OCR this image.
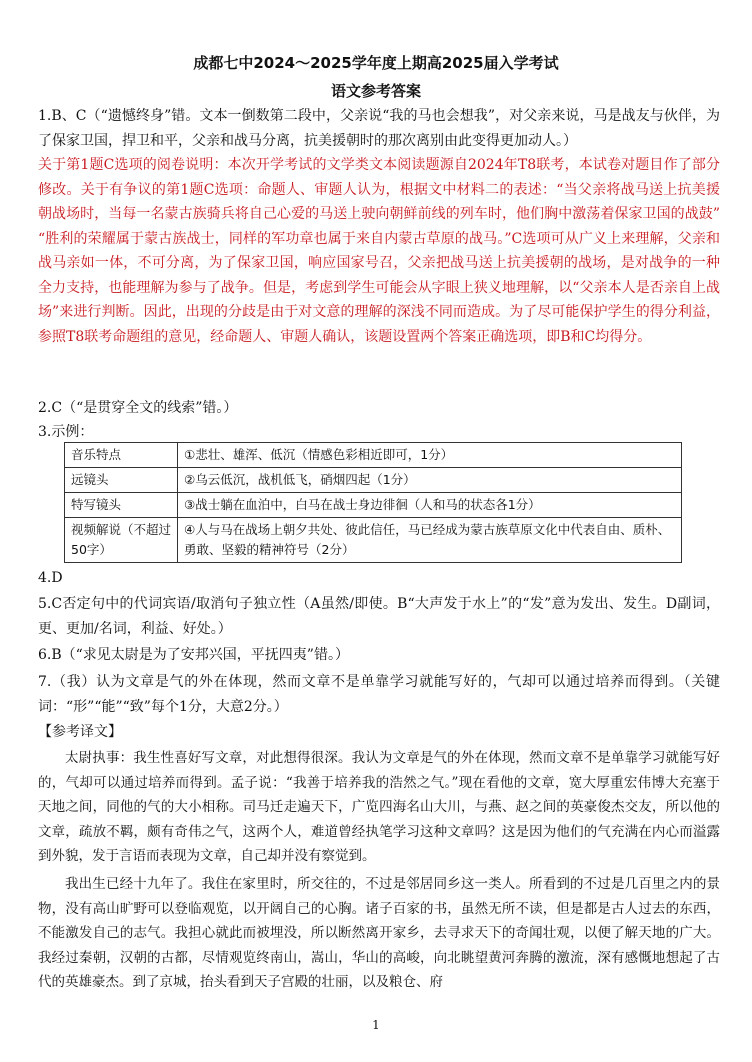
成都七中2024～2025学年度上期高2025届入学考试
语文参考答案
1.B、C（“遗憾终身”错。文本一倒数第二段中，父亲说“我的马也会想我”，对父亲来说，马是战友与伙伴，为了保家卫国，捍卫和平，父亲和战马分离，抗美援朝时的那次离别由此变得更加动人。）
关于第1题C选项的阅卷说明：本次开学考试的文学类文本阅读题源自2024年T8联考，本试卷对题目作了部分修改。关于有争议的第1题C选项：命题人、审题人认为，根据文中材料二的表述：“当父亲将战马送上抗美援朝战场时，当每一名蒙古族骑兵将自己心爱的马送上驶向朝鲜前线的列车时，他们胸中激荡着保家卫国的战鼓” “胜利的荣耀属于蒙古族战士，同样的军功章也属于来自内蒙古草原的战马。”C选项可从广义上来理解，父亲和战马亲如一体，不可分离，为了保家卫国，响应国家号召，父亲把战马送上抗美援朝的战场，是对战争的一种全力支持，也能理解为参与了战争。但是，考虑到学生可能会从字眼上狭义地理解，以“父亲本人是否亲自上战场”来进行判断。因此，出现的分歧是由于对文意的理解的深浅不同而造成。为了尽可能保护学生的得分利益，参照T8联考命题组的意见，经命题人、审题人确认，该题设置两个答案正确选项，即B和C均得分。
2.C（“是贯穿全文的线索”错。）
3.示例：
音乐特点	①悲壮、雄浑、低沉（情感色彩相近即可，1分）
远镜头	②乌云低沉，战机低飞，硝烟四起（1分）
特写镜头	③战士躺在血泊中，白马在战士身边徘徊（人和马的状态各1分）
视频解说（不超过50字）	④人与马在战场上朝夕共处、彼此信任，马已经成为蒙古族草原文化中代表自由、质朴、勇敢、坚毅的精神符号（2分）
4.D
5.C否定句中的代词宾语/取消句子独立性（A虽然/即使。B“大声发于水上”的“发”意为发出、发生。D副词，更、更加/名词，利益、好处。）
6.B（“求见太尉是为了安邦兴国，平抚四夷”错。）
7.（我）认为文章是气的外在体现，然而文章不是单靠学习就能写好的，气却可以通过培养而得到。（关键词：“形”“能”“致”每个1分，大意2分。）
【参考译文】
太尉执事：我生性喜好写文章，对此想得很深。我认为文章是气的外在体现，然而文章不是单靠学习就能写好的，气却可以通过培养而得到。孟子说：“我善于培养我的浩然之气。”现在看他的文章，宽大厚重宏伟博大充塞于天地之间，同他的气的大小相称。司马迁走遍天下，广览四海名山大川，与燕、赵之间的英豪俊杰交友，所以他的文章，疏放不羁，颇有奇伟之气，这两个人，难道曾经执笔学习这种文章吗？这是因为他们的气充满在内心而溢露到外貌，发于言语而表现为文章，自己却并没有察觉到。
我出生已经十九年了。我住在家里时，所交往的，不过是邻居同乡这一类人。所看到的不过是几百里之内的景物，没有高山旷野可以登临观览，以开阔自己的心胸。诸子百家的书，虽然无所不读，但是都是古人过去的东西，不能激发自己的志气。我担心就此而被埋没，所以断然离开家乡，去寻求天下的奇闻壮观，以便了解天地的广大。我经过秦朝，汉朝的古都，尽情观览终南山，嵩山，华山的高峻，向北眺望黄河奔腾的激流，深有感慨地想起了古代的英雄豪杰。到了京城，抬头看到天子宫殿的壮丽，以及粮仓、府
1
